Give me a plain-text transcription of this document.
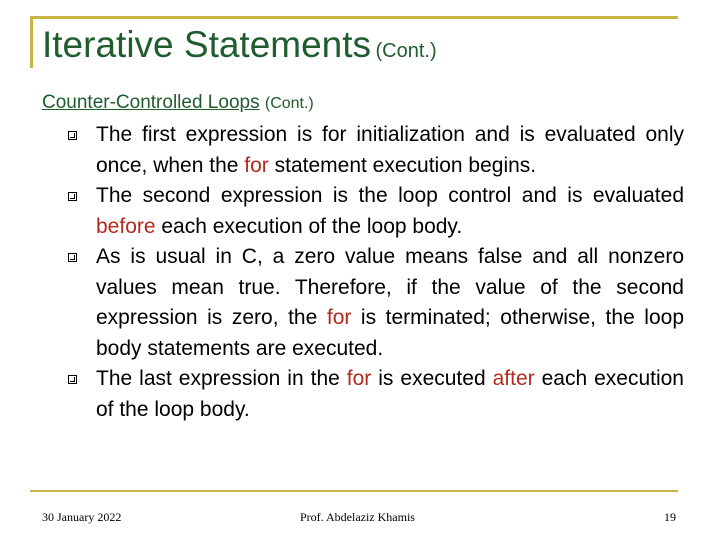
Iterative Statements (Cont.)
Counter-Controlled Loops (Cont.)
The first expression is for initialization and is evaluated only once, when the for statement execution begins.
The second expression is the loop control and is evaluated before each execution of the loop body.
As is usual in C, a zero value means false and all nonzero values mean true. Therefore, if the value of the second expression is zero, the for is terminated; otherwise, the loop body statements are executed.
The last expression in the for is executed after each execution of the loop body.
30 January 2022	Prof. Abdelaziz Khamis	19
